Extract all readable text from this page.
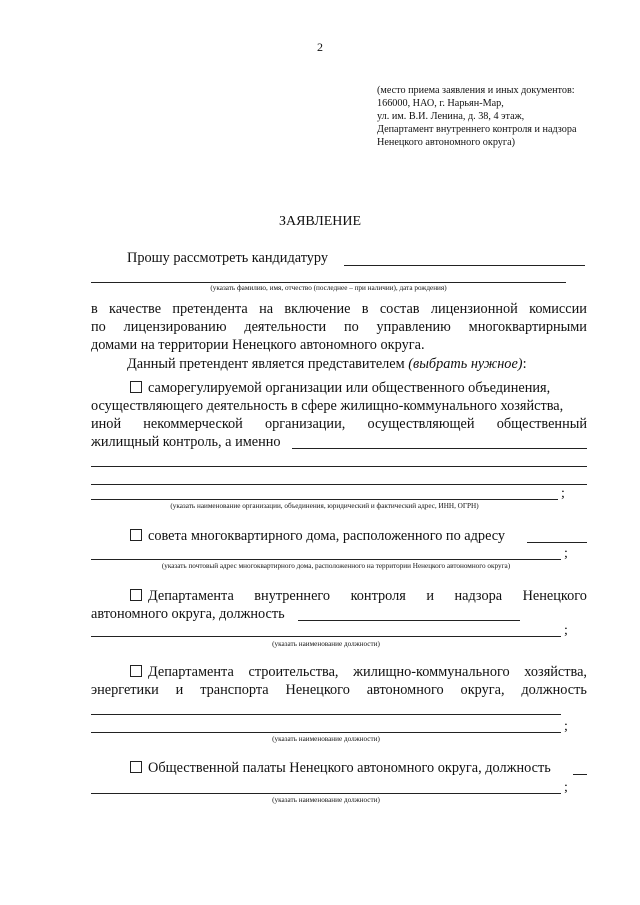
2
(место приема заявления и иных документов:
166000, НАО, г. Нарьян-Мар,
ул. им. В.И. Ленина, д. 38, 4 этаж,
Департамент внутреннего контроля и надзора
Ненецкого автономного округа)
ЗАЯВЛЕНИЕ
Прошу рассмотреть кандидатуру
(указать фамилию, имя, отчество (последнее – при наличии), дата рождения)
в качестве претендента на включение в состав лицензионной комиссии
по лицензированию деятельности по управлению многоквартирными
домами на территории Ненецкого автономного округа.
Данный претендент является представителем (выбрать нужное):
саморегулируемой организации или общественного объединения,
осуществляющего деятельность в сфере жилищно-коммунального хозяйства,
иной некоммерческой организации, осуществляющей общественный
жилищный контроль, а именно
;
(указать наименование организации, объединения, юридический и фактический адрес, ИНН, ОГРН)
совета многоквартирного дома, расположенного по адресу
;
(указать почтовый адрес многоквартирного дома, расположенного на территории Ненецкого автономного округа)
Департамента внутреннего контроля и надзора Ненецкого
автономного округа, должность
;
(указать наименование должности)
Департамента строительства, жилищно-коммунального хозяйства,
энергетики и транспорта Ненецкого автономного округа, должность
;
(указать наименование должности)
Общественной палаты Ненецкого автономного округа, должность
;
(указать наименование должности)
